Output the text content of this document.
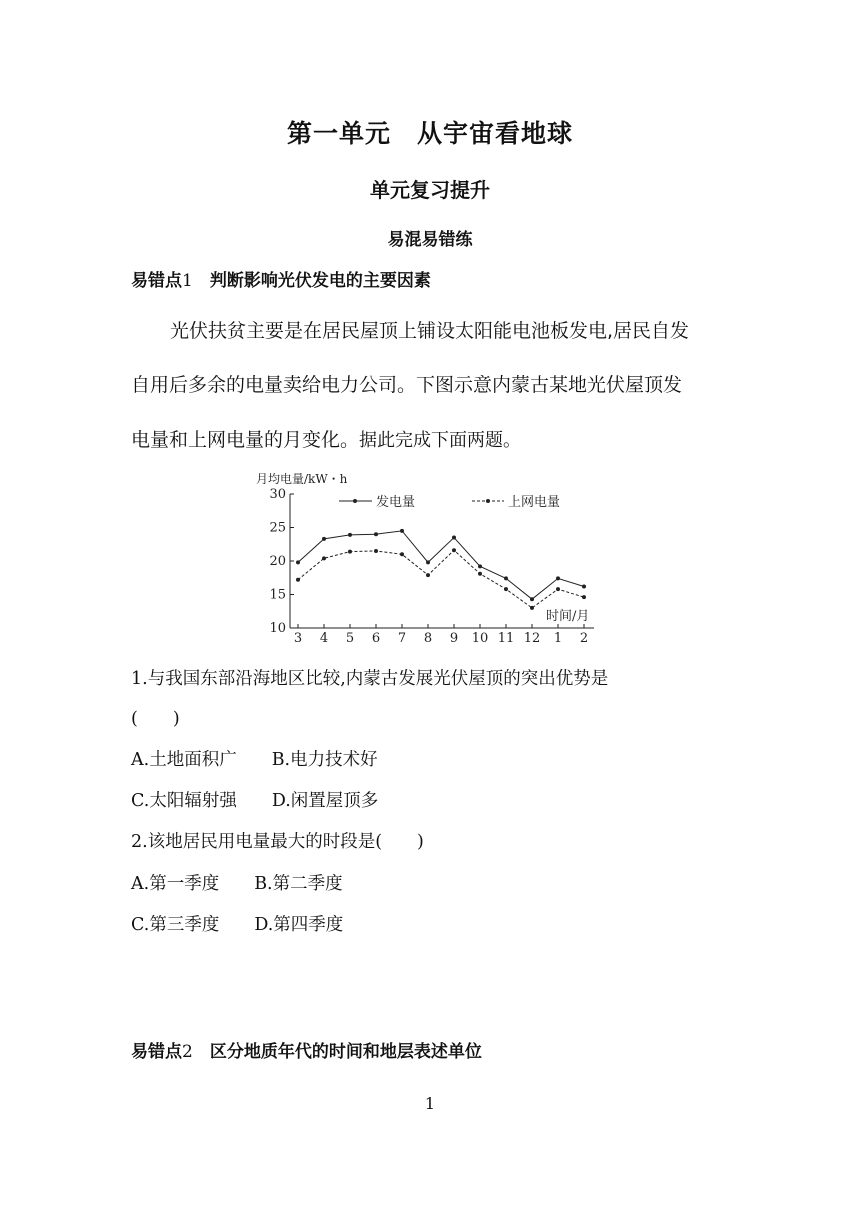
第一单元　从宇宙看地球
单元复习提升
易混易错练
易错点1　 判断影响光伏发电的主要因素
光伏扶贫主要是在居民屋顶上铺设太阳能电池板发电,居民自发
自用后多余的电量卖给电力公司。下图示意内蒙古某地光伏屋顶发
电量和上网电量的月变化。据此完成下面两题。
月均电量/kW・h
30
25
20
15
10
3 4 5 6 7 8 9 10 11 12 1 2
发电量	上网电量
时间/月
1.与我国东部沿海地区比较,内蒙古发展光伏屋顶的突出优势是
(　　)
A.土地面积广　　B.电力技术好
C.太阳辐射强　　D.闲置屋顶多
2.该地居民用电量最大的时段是(　　)
A.第一季度　　B.第二季度
C.第三季度　　D.第四季度
易错点2　 区分地质年代的时间和地层表述单位
1
